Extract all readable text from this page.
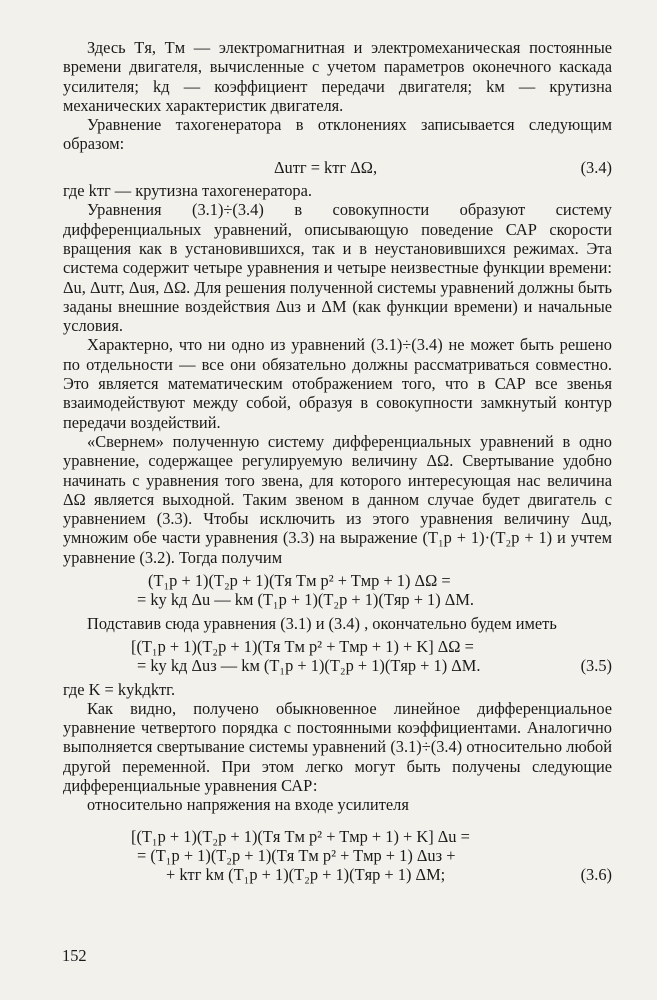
Здесь Tя, Tм — электромагнитная и электромеханическая постоянные времени двигателя, вычисленные с учетом параметров оконечного каскада усилителя; kд — коэффициент передачи двигателя; kм — крутизна механических характеристик двигателя.

Уравнение тахогенератора в отклонениях записывается следующим образом:

Δuтг = kтг ΔΩ,	(3.4)

где kтг — крутизна тахогенератора.

Уравнения (3.1)÷(3.4) в совокупности образуют систему дифференциальных уравнений, описывающую поведение САР скорости вращения как в установившихся, так и в неустановившихся режимах. Эта система содержит четыре уравнения и четыре неизвестные функции времени: Δu, Δuтг, Δuя, ΔΩ. Для решения полученной системы уравнений должны быть заданы внешние воздействия Δuз и ΔM (как функции времени) и начальные условия.

Характерно, что ни одно из уравнений (3.1)÷(3.4) не может быть решено по отдельности — все они обязательно должны рассматриваться совместно. Это является математическим отображением того, что в САР все звенья взаимодействуют между собой, образуя в совокупности замкнутый контур передачи воздействий.

«Свернем» полученную систему дифференциальных уравнений в одно уравнение, содержащее регулируемую величину ΔΩ. Свертывание удобно начинать с уравнения того звена, для которого интересующая нас величина ΔΩ является выходной. Таким звеном в данном случае будет двигатель с уравнением (3.3). Чтобы исключить из этого уравнения величину Δuд, умножим обе части уравнения (3.3) на выражение (T₁p + 1)·(T₂p + 1) и учтем уравнение (3.2). Тогда получим

(T₁p + 1)(T₂p + 1)(Tя Tм p² + Tмp + 1) ΔΩ =
= kу kд Δu — kм (T₁p + 1)(T₂p + 1)(Tяp + 1) ΔM.

Подставив сюда уравнения (3.1) и (3.4) , окончательно будем иметь

[(T₁p + 1)(T₂p + 1)(Tя Tм p² + Tмp + 1) + K] ΔΩ =
= kу kд Δuз — kм (T₁p + 1)(T₂p + 1)(Tяp + 1) ΔM.	(3.5)

где K = kуkдkтг.

Как видно, получено обыкновенное линейное дифференциальное уравнение четвертого порядка с постоянными коэффициентами. Аналогично выполняется свертывание системы уравнений (3.1)÷(3.4) относительно любой другой переменной. При этом легко могут быть получены следующие дифференциальные уравнения САР:

относительно напряжения на входе усилителя

[(T₁p + 1)(T₂p + 1)(Tя Tм p² + Tмp + 1) + K] Δu =
= (T₁p + 1)(T₂p + 1)(Tя Tм p² + Tмp + 1) Δuз +
+ kтг kм (T₁p + 1)(T₂p + 1)(Tяp + 1) ΔM;	(3.6)
152
